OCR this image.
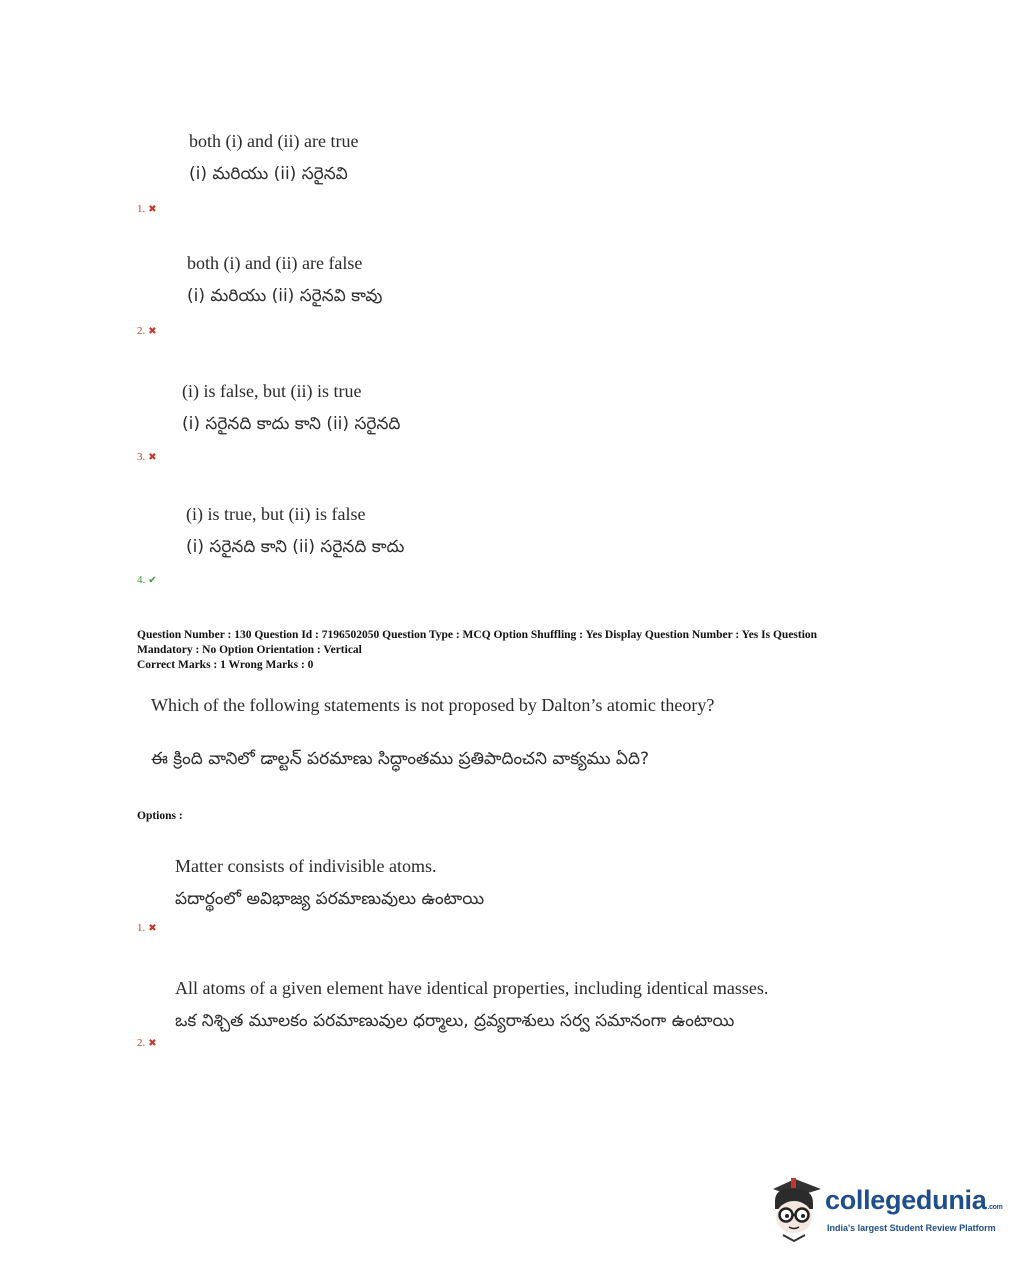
both (i) and (ii) are true
(i) మరియు (ii) సరైనవి
1. ✖
both (i) and (ii) are false
(i) మరియు (ii) సరైనవి కావు
2. ✖
(i) is false, but (ii) is true
(i) సరైనది కాదు కాని (ii) సరైనది
3. ✖
(i) is true, but (ii) is false
(i) సరైనది కాని (ii) సరైనది కాదు
4. ✔
Question Number : 130 Question Id : 7196502050 Question Type : MCQ Option Shuffling : Yes Display Question Number : Yes Is Question
Mandatory : No Option Orientation : Vertical
Correct Marks : 1 Wrong Marks : 0
Which of the following statements is not proposed by Dalton’s atomic theory?
ఈ క్రింది వానిలో డాల్టన్ పరమాణు సిద్ధాంతము ప్రతిపాదించని వాక్యము ఏది?
Options :
Matter consists of indivisible atoms.
పదార్థంలో అవిభాజ్య పరమాణువులు ఉంటాయి
1. ✖
All atoms of a given element have identical properties, including identical masses.
ఒక నిశ్చిత మూలకం పరమాణువుల ధర్మాలు, ద్రవ్యరాశులు సర్వ సమానంగా ఉంటాయి
2. ✖
collegedunia.com
India's largest Student Review Platform
